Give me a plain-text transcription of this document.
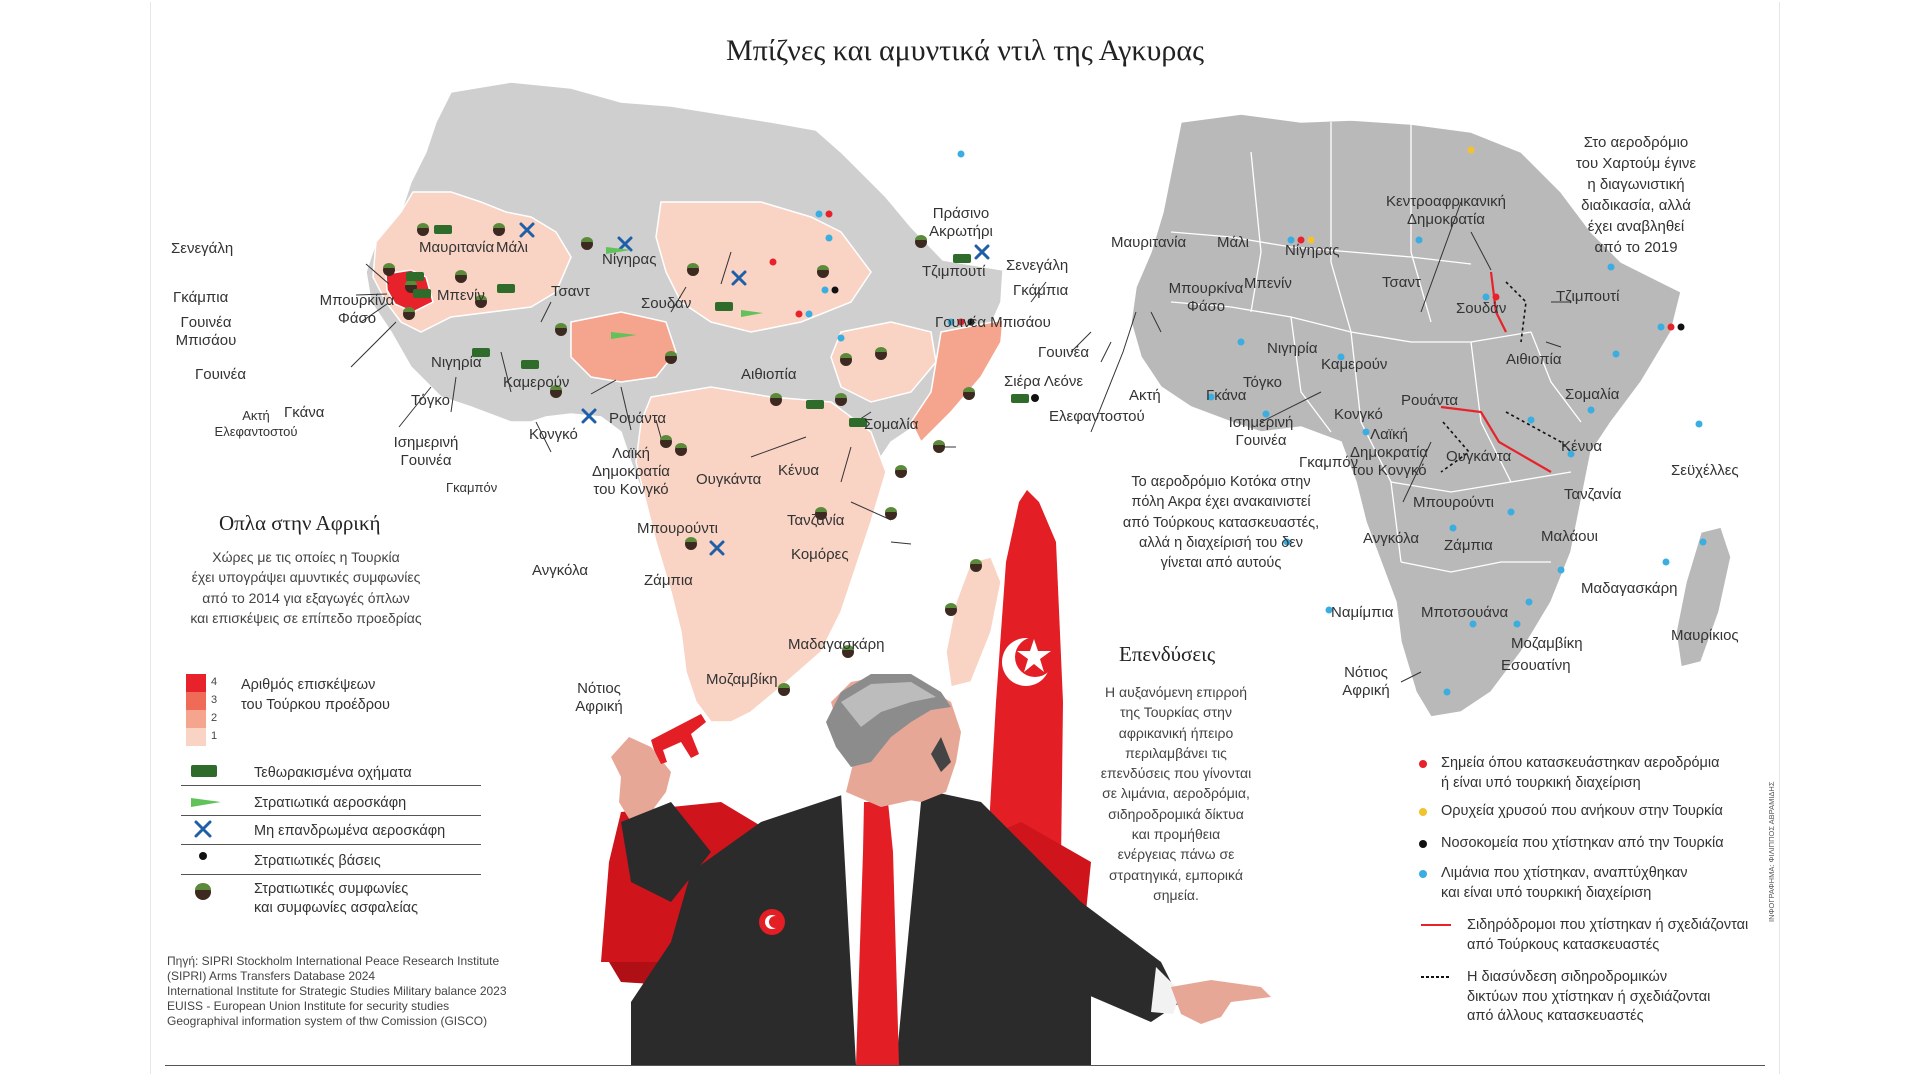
Μπίζνες και αμυντικά ντιλ της Αγκυρας
Σενεγάλη	Μαυριτανία Μάλι
Νίγηρας
Τζιμπουτί
Γκάμπια
Γουινέα
Μπισάου
Γουινέα
Μπουρκίνα
Φάσο
Μπενίν	Τσαντ
Σουδάν
Νιγηρία
Αιθιοπία
Ακτή
Ελεφαντοστού
Γκάνα
Τόγκο
Καμερούν
Σομαλία
Ισημερινή
Γουινέα
Κονγκό
Ρουάντα
Λαϊκή
Δημοκρατία
του Κονγκό
Ουγκάντα
Κένυα
Γκαμπόν
Μπουρούντι	Τανζανία
Κομόρες
Ανγκόλα
Ζάμπια
Μαδαγασκάρη
Μοζαμβίκη
Νότιος
Αφρική
Οπλα στην Αφρική
Χώρες με τις οποίες η Τουρκία
έχει υπογράψει αμυντικές συμφωνίες
από το 2014 για εξαγωγές όπλων
και επισκέψεις σε επίπεδο προεδρίας
4
3
2
1
Αριθμός επισκέψεων
του Τούρκου προέδρου
Τεθωρακισμένα οχήματα
Στρατιωτικά αεροσκάφη
Μη επανδρωμένα αεροσκάφη
Στρατιωτικές βάσεις
Στρατιωτικές συμφωνίες
και συμφωνίες ασφαλείας
Πηγή: SIPRI Stockholm International Peace Research Institute
(SIPRI) Arms Transfers Database 2024
International Institute for Strategic Studies Military balance 2023
EUISS - European Union Institute for security studies
Geographival information system of thw Comission (GISCO)
Πράσινο
Ακρωτήρι
Μαυριτανία Μάλι Νίγηρας
Κεντροαφρικανική
Δημοκρατία
Σενεγάλη
Γκάμπια	Τσαντ
Μπουρκίνα
Φάσο
Μπενίν
Σουδάν
Τζιμπουτί
Γουινέα Μπισάου
Νιγηρία
Αιθιοπία
Γουινέα
Καμερούν
Σιέρα Λεόνε
Ακτή	Γκάνα
Τόγκο
Ρουάντα	Σομαλία
Ελεφαντοστού	Ισημερινή
Γουινέα
Κονγκό
Λαϊκή
Δημοκρατία
του Κονγκό
Ουγκάντα
Κένυα
Σεϋχέλλες
Γκαμπόν
Μπουρούντι	Τανζανία
Ανγκόλα	Μαλάουι
Ζάμπια
Μαδαγασκάρη
Ναμίμπια Μποτσουάνα
Μαυρίκιος
Μοζαμβίκη
Εσουατίνη
Νότιος
Αφρική
Στο αεροδρόμιο
του Χαρτούμ έγινε
η διαγωνιστική
διαδικασία, αλλά
έχει αναβληθεί
από το 2019
Το αεροδρόμιο Κοτόκα στην
πόλη Ακρα έχει ανακαινιστεί
από Τούρκους κατασκευαστές,
αλλά η διαχείρισή του δεν
γίνεται από αυτούς
Επενδύσεις
Η αυξανόμενη επιρροή
της Τουρκίας στην
αφρικανική ήπειρο
περιλαμβάνει τις
επενδύσεις που γίνονται
σε λιμάνια, αεροδρόμια,
σιδηροδρομικά δίκτυα
και προμήθεια
ενέργειας πάνω σε
στρατηγικά, εμπορικά
σημεία.
Σημεία όπου κατασκευάστηκαν αεροδρόμια
ή είναι υπό τουρκική διαχείριση
Ορυχεία χρυσού που ανήκουν στην Τουρκία
Νοσοκομεία που χτίστηκαν από την Τουρκία
Λιμάνια που χτίστηκαν, αναπτύχθηκαν
και είναι υπό τουρκική διαχείριση
Σιδηρόδρομοι που χτίστηκαν ή σχεδιάζονται
από Τούρκους κατασκευαστές
Η διασύνδεση σιδηροδρομικών
δικτύων που χτίστηκαν ή σχεδιάζονται
από άλλους κατασκευαστές
ΙΝΦΟΓΡΑΦΗΜΑ: ΦΙΛΙΠΠΟΣ ΑΒΡΑΜΙΔΗΣ
